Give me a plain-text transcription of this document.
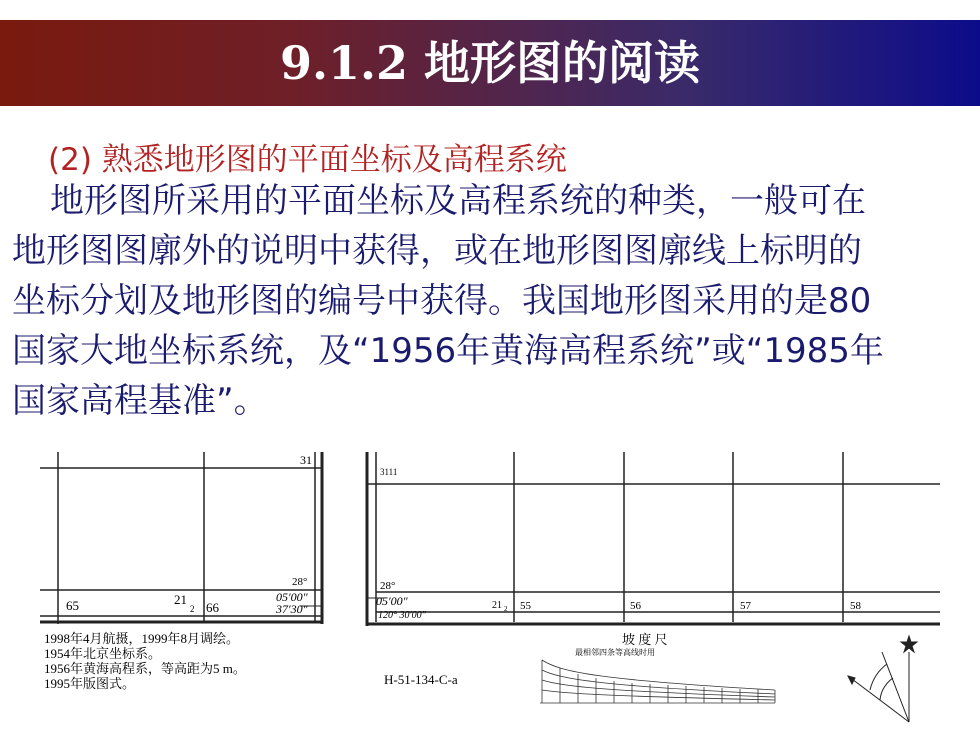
9.1.2 地形图的阅读
(2) 熟悉地形图的平面坐标及高程系统
地形图所采用的平面坐标及高程系统的种类，一般可在
地形图图廓外的说明中获得，或在地形图图廓线上标明的
坐标分划及地形图的编号中获得。我国地形图采用的是80
国家大地坐标系统，及“1956年黄海高程系统”或“1985年
国家高程基准”。
31
28°
05′00″
37′30″
65	21
2 66
1998年4月航摄，1999年8月调绘。
1954年北京坐标系。
1956年黄海高程系，等高距为5 m。
1995年版图式。
3111
28°
05′00″
120° 30′00″
21 2 55	56	57	58
H-51-134-C-a
坡 度 尺
最相邻四条等高线时用
